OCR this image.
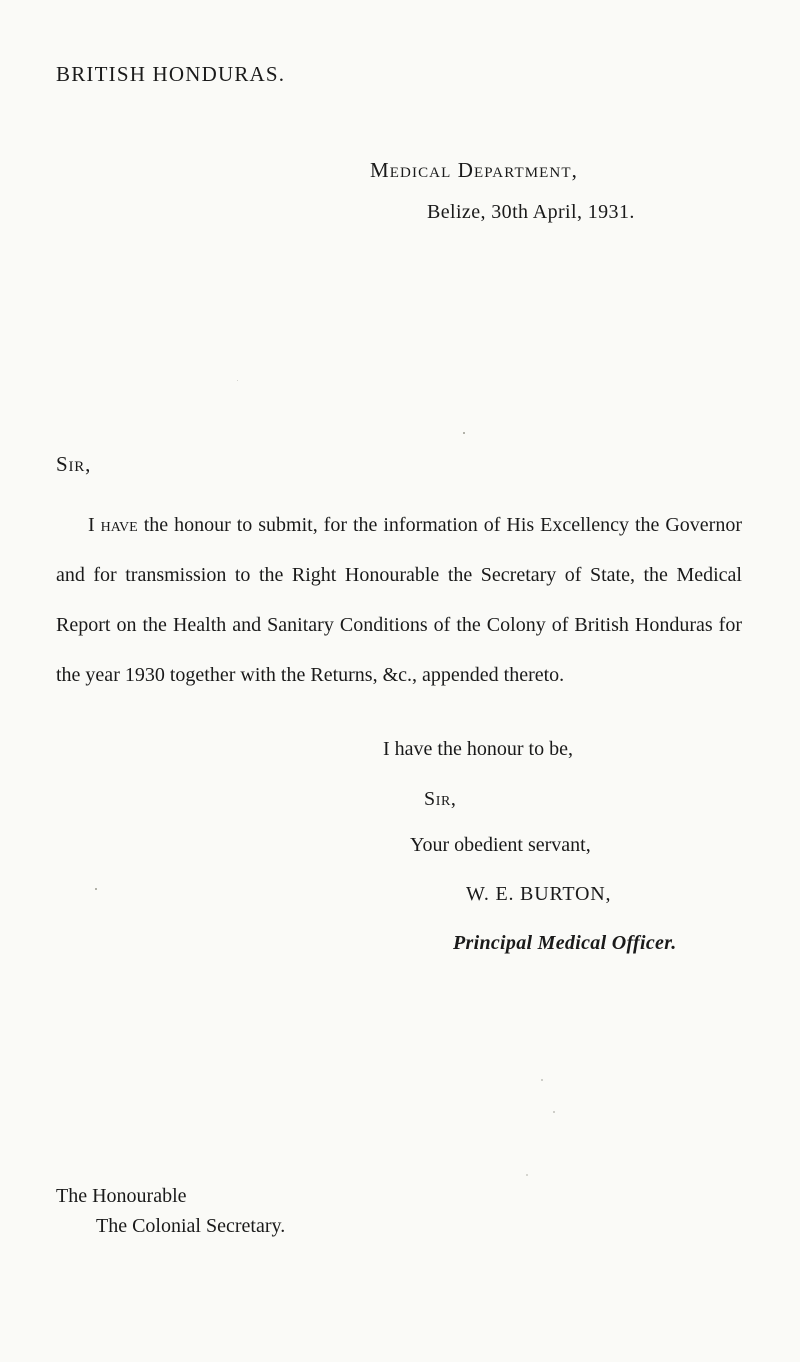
BRITISH HONDURAS.
Medical Department,
Belize, 30th April, 1931.
Sir,

I have the honour to submit, for the information of His Excellency the Governor and for transmission to the Right Honourable the Secretary of State, the Medical Report on the Health and Sanitary Conditions of the Colony of British Honduras for the year 1930 together with the Returns, &c., appended thereto.

I have the honour to be,
Sir,
Your obedient servant,
W. E. BURTON,
Principal Medical Officer.
The Honourable
The Colonial Secretary.
